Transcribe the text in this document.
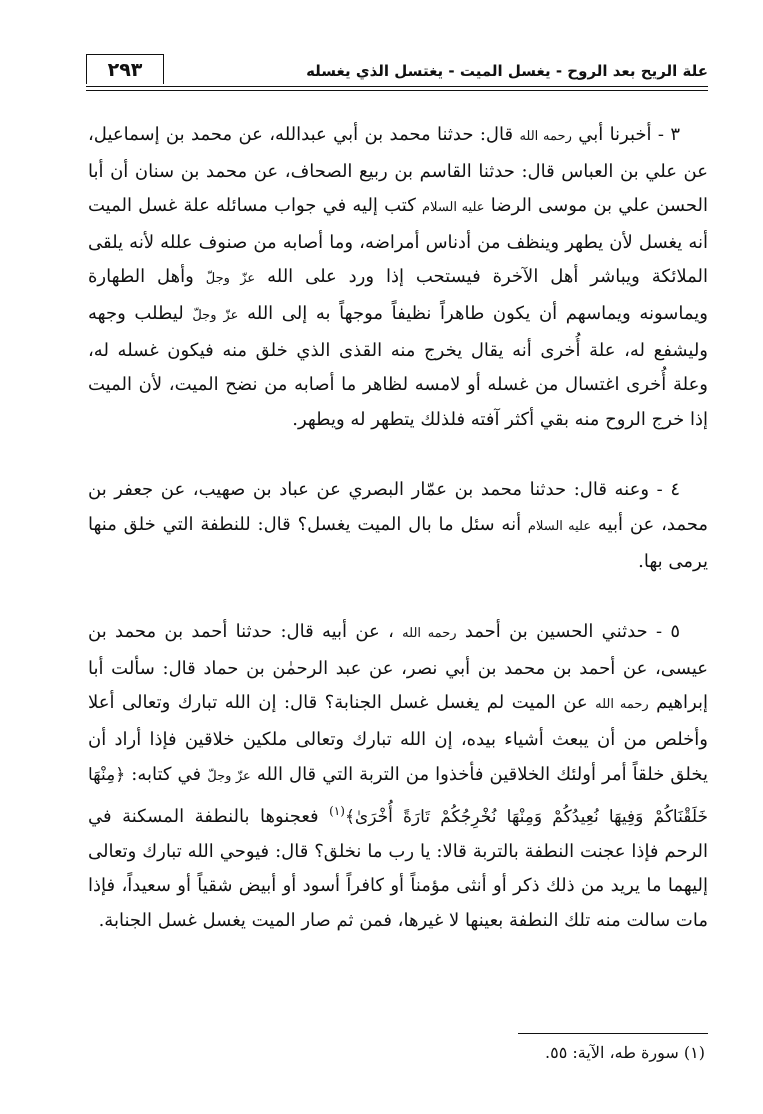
علة الريح بعد الروح - يغسل الميت - يغتسل الذي يغسله
٢٩٣

٣ - أخبرنا أبي رحمه الله قال: حدثنا محمد بن أبي عبدالله، عن محمد بن إسماعيل، عن علي بن العباس قال: حدثنا القاسم بن ربيع الصحاف، عن محمد بن سنان أن أبا الحسن علي بن موسى الرضا عليه السلام كتب إليه في جواب مسائله علة غسل الميت أنه يغسل لأن يطهر وينظف من أدناس أمراضه، وما أصابه من صنوف علله لأنه يلقى الملائكة ويباشر أهل الآخرة فيستحب إذا ورد على الله عزّ وجلّ وأهل الطهارة ويماسونه ويماسهم أن يكون طاهراً نظيفاً موجهاً به إلى الله عزّ وجلّ ليطلب وجهه وليشفع له، علة أُخرى أنه يقال يخرج منه القذى الذي خلق منه فيكون غسله له، وعلة أُخرى اغتسال من غسله أو لامسه لظاهر ما أصابه من نضح الميت، لأن الميت إذا خرج الروح منه بقي أكثر آفته فلذلك يتطهر له ويطهر.

٤ - وعنه قال: حدثنا محمد بن عمّار البصري عن عباد بن صهيب، عن جعفر بن محمد، عن أبيه عليه السلام أنه سئل ما بال الميت يغسل؟ قال: للنطفة التي خلق منها يرمى بها.

٥ - حدثني الحسين بن أحمد رحمه الله ، عن أبيه قال: حدثنا أحمد بن محمد بن عيسى، عن أحمد بن محمد بن أبي نصر، عن عبد الرحمٰن بن حماد قال: سألت أبا إبراهيم رحمه الله عن الميت لم يغسل غسل الجنابة؟ قال: إن الله تبارك وتعالى أعلا وأخلص من أن يبعث أشياء بيده، إن الله تبارك وتعالى ملكين خلاقين فإذا أراد أن يخلق خلقاً أمر أولئك الخلاقين فأخذوا من التربة التي قال الله عزّ وجلّ في كتابه: ﴿مِنْهَا خَلَقْنَاكُمْ وَفِيهَا نُعِيدُكُمْ وَمِنْهَا نُخْرِجُكُمْ تَارَةً أُخْرَىٰ﴾$^{(١)}$ فعجنوها بالنطفة المسكنة في الرحم فإذا عجنت النطفة بالتربة قالا: يا رب ما نخلق؟ قال: فيوحي الله تبارك وتعالى إليهما ما يريد من ذلك ذكر أو أنثى مؤمناً أو كافراً أسود أو أبيض شقياً أو سعيداً، فإذا مات سالت منه تلك النطفة بعينها لا غيرها، فمن ثم صار الميت يغسل غسل الجنابة.

(١) سورة طه، الآية: ٥٥.
